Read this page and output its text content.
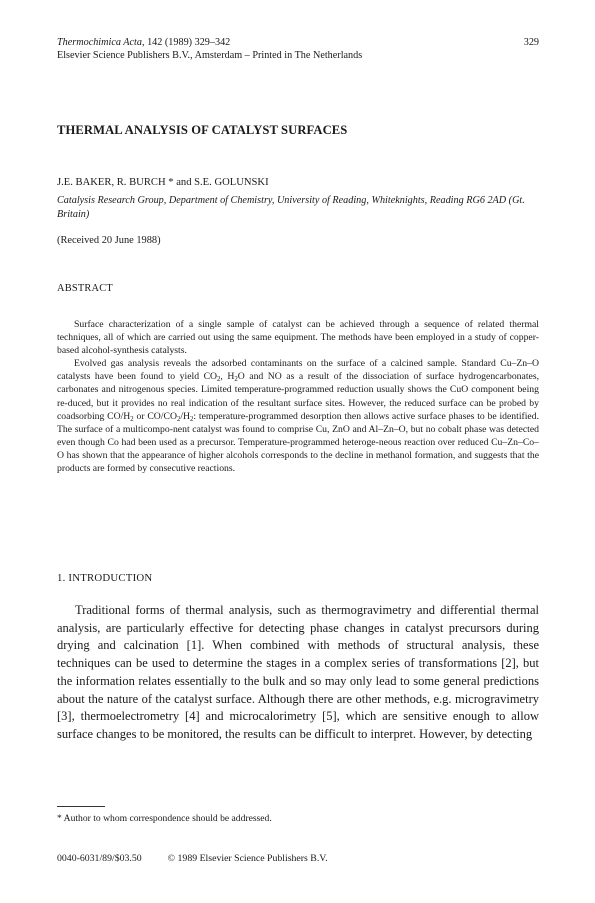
Thermochimica Acta, 142 (1989) 329–342
Elsevier Science Publishers B.V., Amsterdam – Printed in The Netherlands
329
THERMAL ANALYSIS OF CATALYST SURFACES
J.E. BAKER, R. BURCH * and S.E. GOLUNSKI
Catalysis Research Group, Department of Chemistry, University of Reading, Whiteknights, Reading RG6 2AD (Gt. Britain)
(Received 20 June 1988)
ABSTRACT

Surface characterization of a single sample of catalyst can be achieved through a sequence of related thermal techniques, all of which are carried out using the same equipment. The methods have been employed in a study of copper-based alcohol-synthesis catalysts.

Evolved gas analysis reveals the adsorbed contaminants on the surface of a calcined sample. Standard Cu–Zn–O catalysts have been found to yield $CO_2$, $H_2O$ and NO as a result of the dissociation of surface hydrogencarbonates, carbonates and nitrogenous species. Limited temperature-programmed reduction usually shows the CuO component being re-duced, but it provides no real indication of the resultant surface sites. However, the reduced surface can be probed by coadsorbing $CO/H_2$ or $CO/CO_2/H_2$: temperature-programmed desorption then allows active surface phases to be identified. The surface of a multicompo-nent catalyst was found to comprise Cu, ZnO and Al–Zn–O, but no cobalt phase was detected even though Co had been used as a precursor. Temperature-programmed heteroge-neous reaction over reduced Cu–Zn–Co–O has shown that the appearance of higher alcohols corresponds to the decline in methanol formation, and suggests that the products are formed by consecutive reactions.

1. INTRODUCTION

Traditional forms of thermal analysis, such as thermogravimetry and differential thermal analysis, are particularly effective for detecting phase changes in catalyst precursors during drying and calcination [1]. When combined with methods of structural analysis, these techniques can be used to determine the stages in a complex series of transformations [2], but the information relates essentially to the bulk and so may only lead to some general predictions about the nature of the catalyst surface. Although there are other methods, e.g. microgravimetry [3], thermoelectrometry [4] and microcalorimetry [5], which are sensitive enough to allow surface changes to be monitored, the results can be difficult to interpret. However, by detecting

* Author to whom correspondence should be addressed.
0040-6031/89/$03.50	© 1989 Elsevier Science Publishers B.V.
